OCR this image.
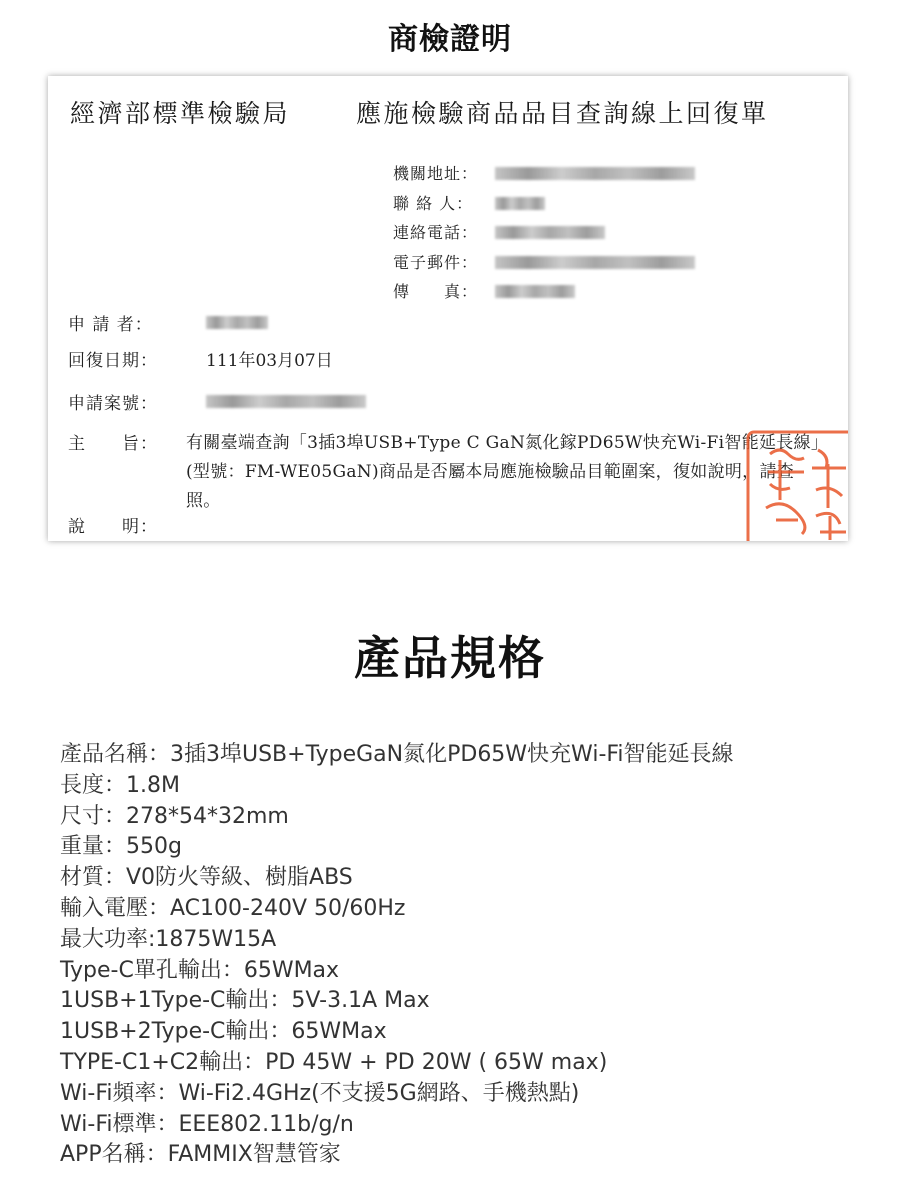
商檢證明
經濟部標準檢驗局	應施檢驗商品品目查詢線上回復單
機關地址：
聯 絡 人：
連絡電話：
電子郵件：
傳　　真：
申 請 者：
回復日期：	111年03月07日
申請案號：
主　　旨：	有關臺端查詢「3插3埠USB+Type C GaN氮化鎵PD65W快充Wi-Fi智能延長線」(型號：FM-WE05GaN)商品是否屬本局應施檢驗品目範圍案，復如說明，請查照。
說　　明：
產品規格
產品名稱：3插3埠USB+TypeGaN氮化PD65W快充Wi-Fi智能延長線
長度：1.8M
尺寸：278*54*32mm
重量：550g
材質：V0防火等級、樹脂ABS
輸入電壓：AC100-240V 50/60Hz
最大功率:1875W15A
Type-C單孔輸出：65WMax
1USB+1Type-C輸出：5V-3.1A Max
1USB+2Type-C輸出：65WMax
TYPE-C1+C2輸出：PD 45W + PD 20W ( 65W max)
Wi-Fi頻率：Wi-Fi2.4GHz(不支援5G網路、手機熱點)
Wi-Fi標準：EEE802.11b/g/n
APP名稱：FAMMIX智慧管家
